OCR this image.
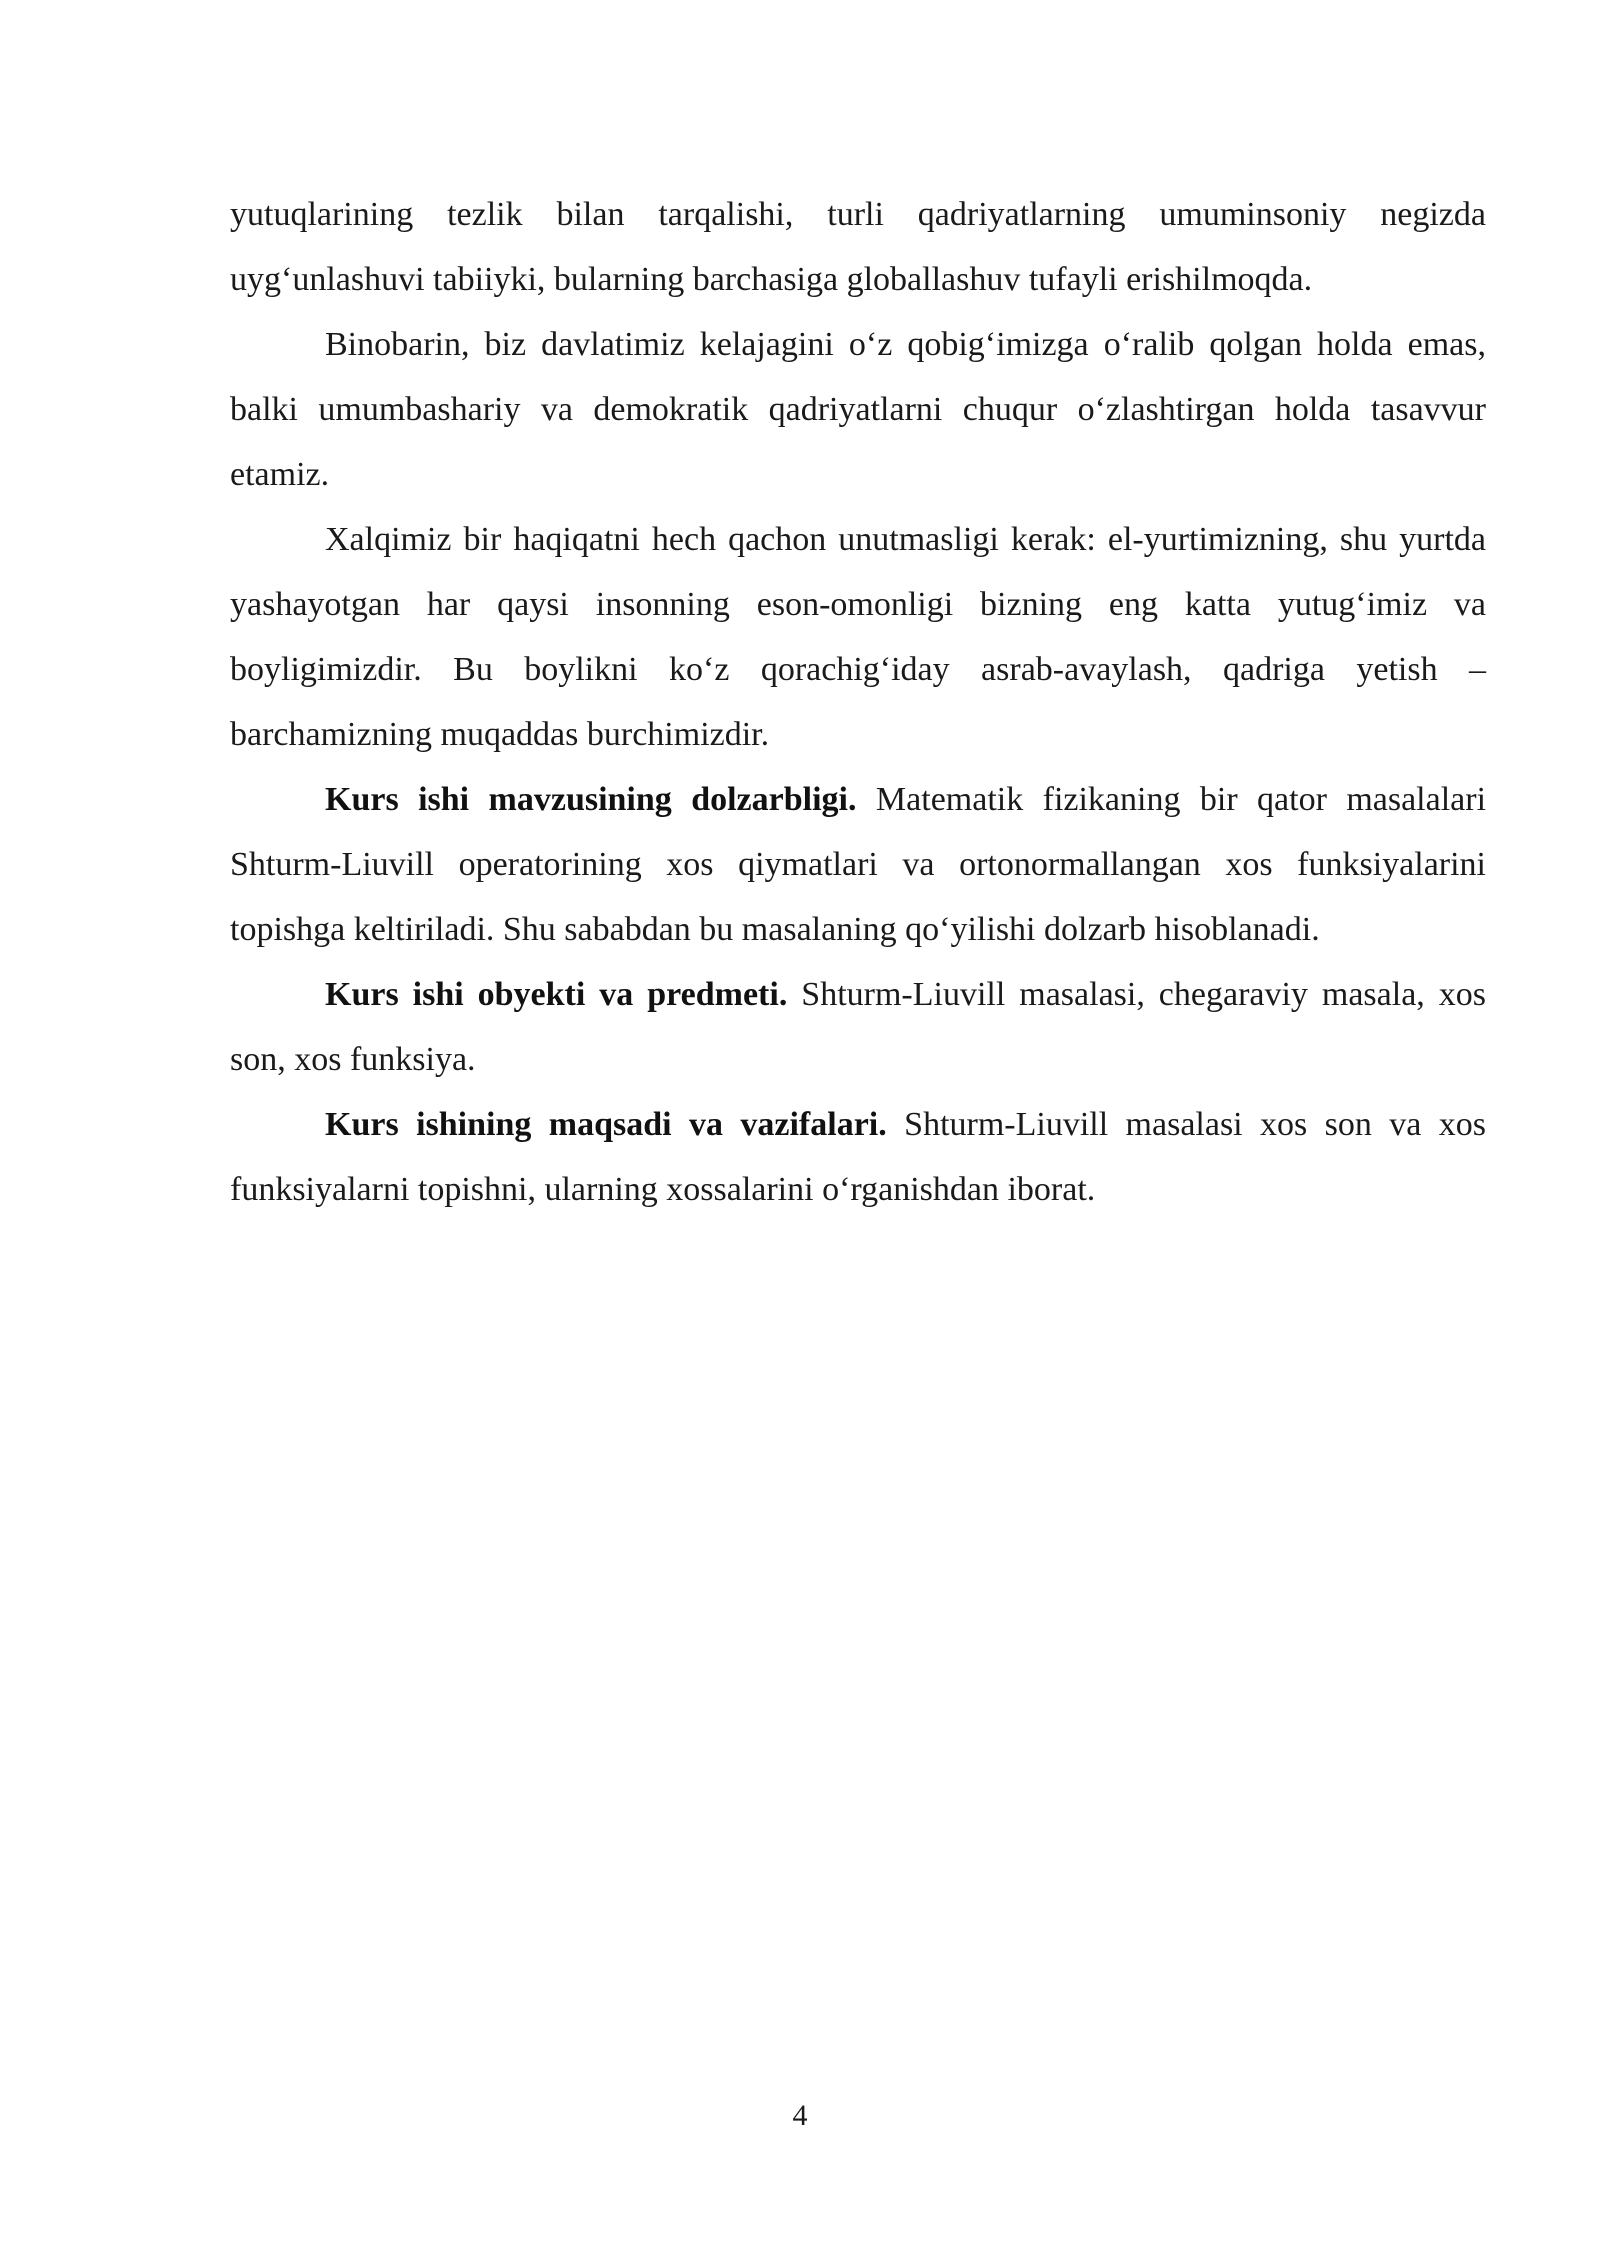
yutuqlarining tezlik bilan tarqalishi, turli qadriyatlarning umuminsoniy negizda uyg‘unlashuvi tabiiyki, bularning barchasiga globallashuv tufayli erishilmoqda.

Binobarin, biz davlatimiz kelajagini o‘z qobig‘imizga o‘ralib qolgan holda emas, balki umumbashariy va demokratik qadriyatlarni chuqur o‘zlashtirgan holda tasavvur etamiz.

Xalqimiz bir haqiqatni hech qachon unutmasligi kerak: el-yurtimizning, shu yurtda yashayotgan har qaysi insonning eson-omonligi bizning eng katta yutug‘imiz va boyligimizdir. Bu boylikni ko‘z qorachig‘iday asrab-avaylash, qadriga yetish – barchamizning muqaddas burchimizdir.

Kurs ishi mavzusining dolzarbligi. Matematik fizikaning bir qator masalalari Shturm-Liuvill operatorining xos qiymatlari va ortonormallangan xos funksiyalarini topishga keltiriladi. Shu sababdan bu masalaning qo‘yilishi dolzarb hisoblanadi.

Kurs ishi obyekti va predmeti. Shturm-Liuvill masalasi, chegaraviy masala, xos son, xos funksiya.

Kurs ishining maqsadi va vazifalari. Shturm-Liuvill masalasi xos son va xos funksiyalarni topishni, ularning xossalarini o‘rganishdan iborat.

4
